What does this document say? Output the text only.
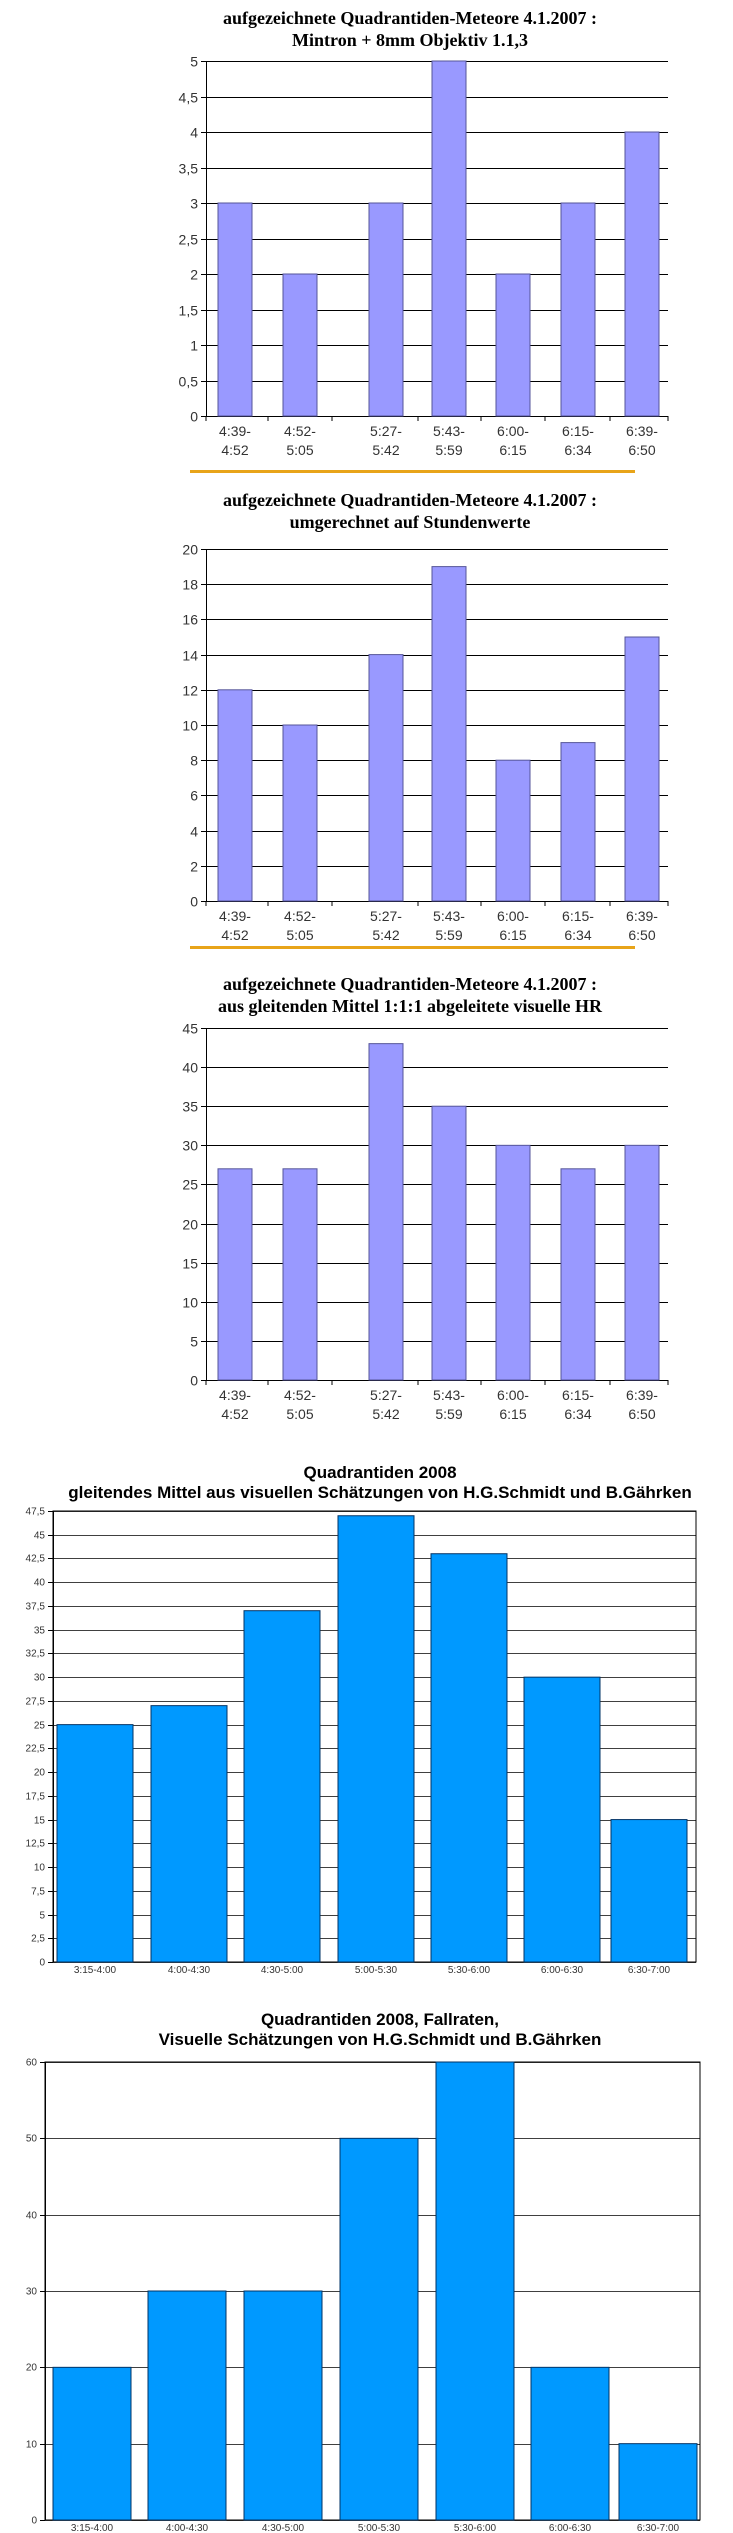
aufgezeichnete Quadrantiden-Meteore 4.1.2007 :
Mintron + 8mm Objektiv 1.1,3
0
0,5
1
1,5
2
2,5
3
3,5
4
4,5
5
4:39-4:52
4:52-5:05
5:27-5:42
5:43-5:59
6:00-6:15
6:15-6:34
6:39-6:50
aufgezeichnete Quadrantiden-Meteore 4.1.2007 :
umgerechnet auf Stundenwerte
0
2
4
6
8
10
12
14
16
18
20
4:39-4:52
4:52-5:05
5:27-5:42
5:43-5:59
6:00-6:15
6:15-6:34
6:39-6:50
aufgezeichnete Quadrantiden-Meteore 4.1.2007 :
aus gleitenden Mittel 1:1:1 abgeleitete visuelle HR
0
5
10
15
20
25
30
35
40
45
4:39-4:52
4:52-5:05
5:27-5:42
5:43-5:59
6:00-6:15
6:15-6:34
6:39-6:50
Quadrantiden 2008
gleitendes Mittel aus visuellen Schätzungen von H.G.Schmidt und B.Gährken
0
2,5
5
7,5
10
12,5
15
17,5
20
22,5
25
27,5
30
32,5
35
37,5
40
42,5
45
47,5
3:15-4:00	4:00-4:30	4:30-5:00	5:00-5:30	5:30-6:00	6:00-6:30	6:30-7:00
Quadrantiden 2008, Fallraten,
Visuelle Schätzungen von H.G.Schmidt und B.Gährken
0
10
20
30
40
50
60
3:15-4:00	4:00-4:30	4:30-5:00	5:00-5:30	5:30-6:00	6:00-6:30	6:30-7:00
